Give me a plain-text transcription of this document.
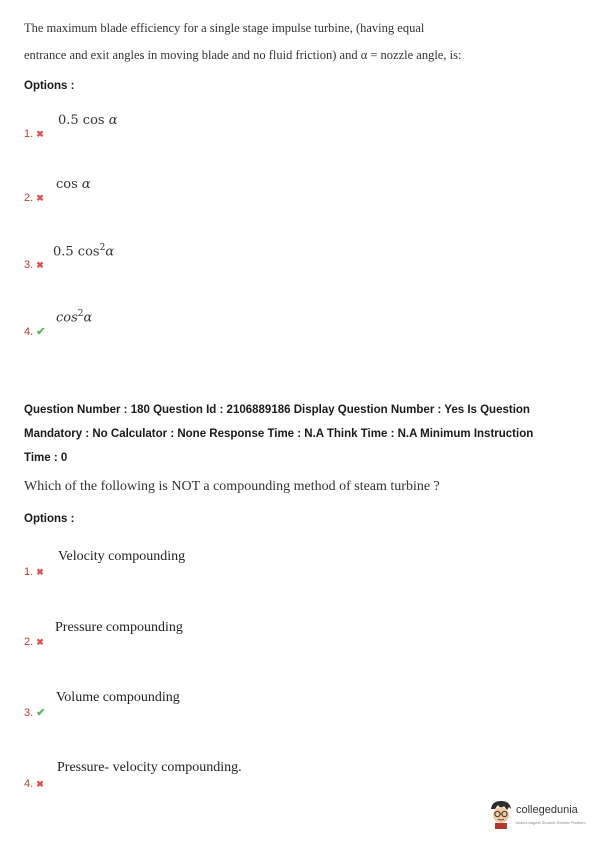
The maximum blade efficiency for a single stage impulse turbine, (having equal
entrance and exit angles in moving blade and no fluid friction) and α = nozzle angle, is:
Options :
1. ✖
0.5 cos α
2. ✖
cos α
3. ✖
0.5 $\cos^2\alpha$
4. ✔
$\cos^2\alpha$
Question Number : 180 Question Id : 2106889186 Display Question Number : Yes Is Question
Mandatory : No Calculator : None Response Time : N.A Think Time : N.A Minimum Instruction
Time : 0
Which of the following is NOT a compounding method of steam turbine ?
Options :
1. ✖
Velocity compounding
2. ✖
Pressure compounding
3. ✔
Volume compounding
4. ✖
Pressure- velocity compounding.
collegedunia
India's largest Student Review Platform
